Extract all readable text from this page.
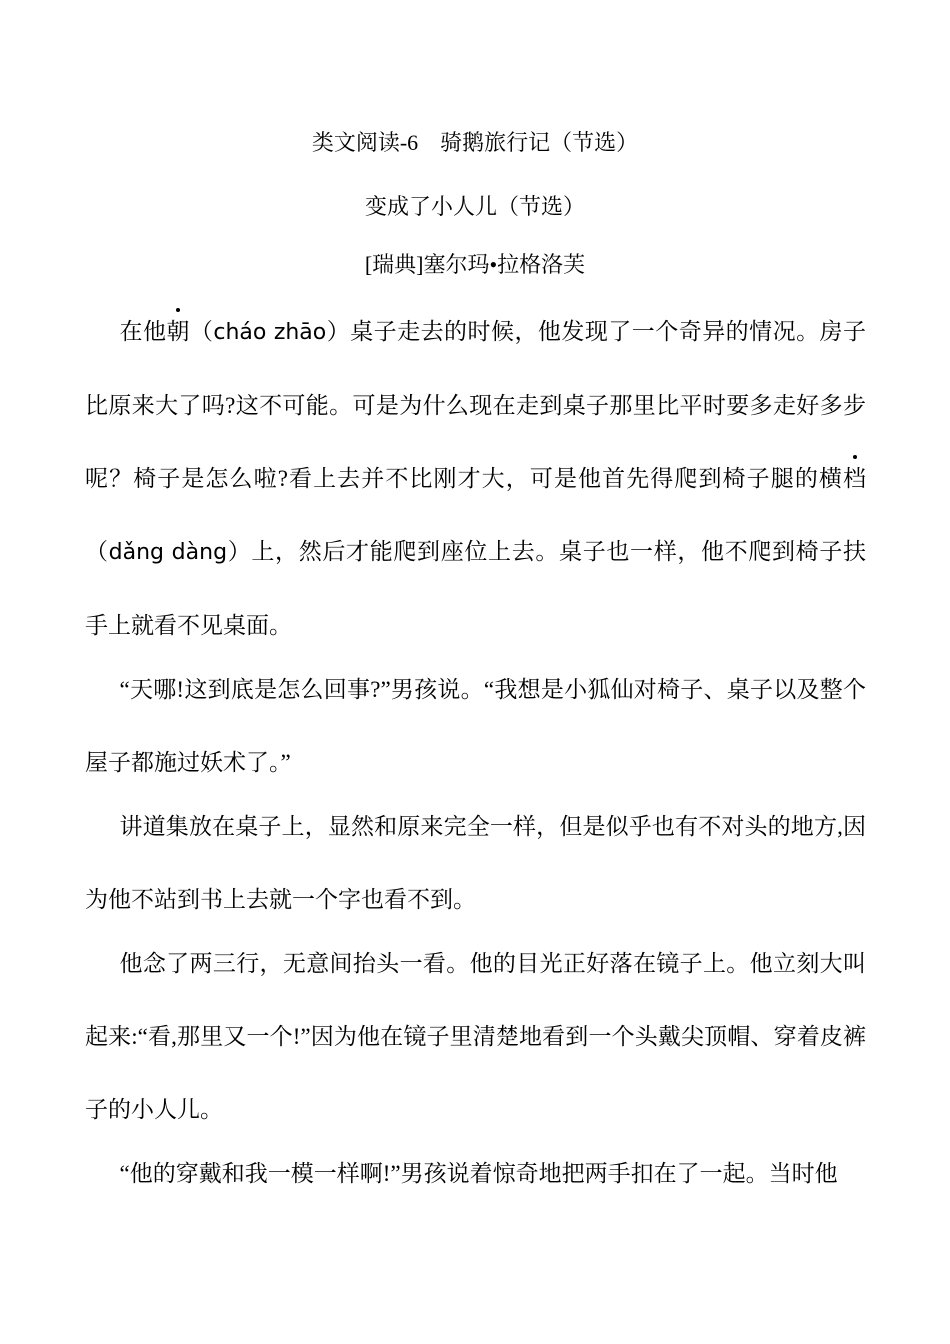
类文阅读-6　骑鹅旅行记（节选）
变成了小人儿（节选）
[瑞典]塞尔玛•拉格洛芙

在他朝（cháo zhāo）桌子走去的时候，他发现了一个奇异的情况。房子比原来大了吗?这不可能。可是为什么现在走到桌子那里比平时要多走好多步呢？椅子是怎么啦?看上去并不比刚才大，可是他首先得爬到椅子腿的横档（dǎng dàng）上，然后才能爬到座位上去。桌子也一样，他不爬到椅子扶手上就看不见桌面。

“天哪!这到底是怎么回事?”男孩说。“我想是小狐仙对椅子、桌子以及整个屋子都施过妖术了。”

讲道集放在桌子上，显然和原来完全一样，但是似乎也有不对头的地方,因为他不站到书上去就一个字也看不到。

他念了两三行，无意间抬头一看。他的目光正好落在镜子上。他立刻大叫起来:“看,那里又一个!”因为他在镜子里清楚地看到一个头戴尖顶帽、穿着皮裤子的小人儿。

“他的穿戴和我一模一样啊!”男孩说着惊奇地把两手扣在了一起。当时他
